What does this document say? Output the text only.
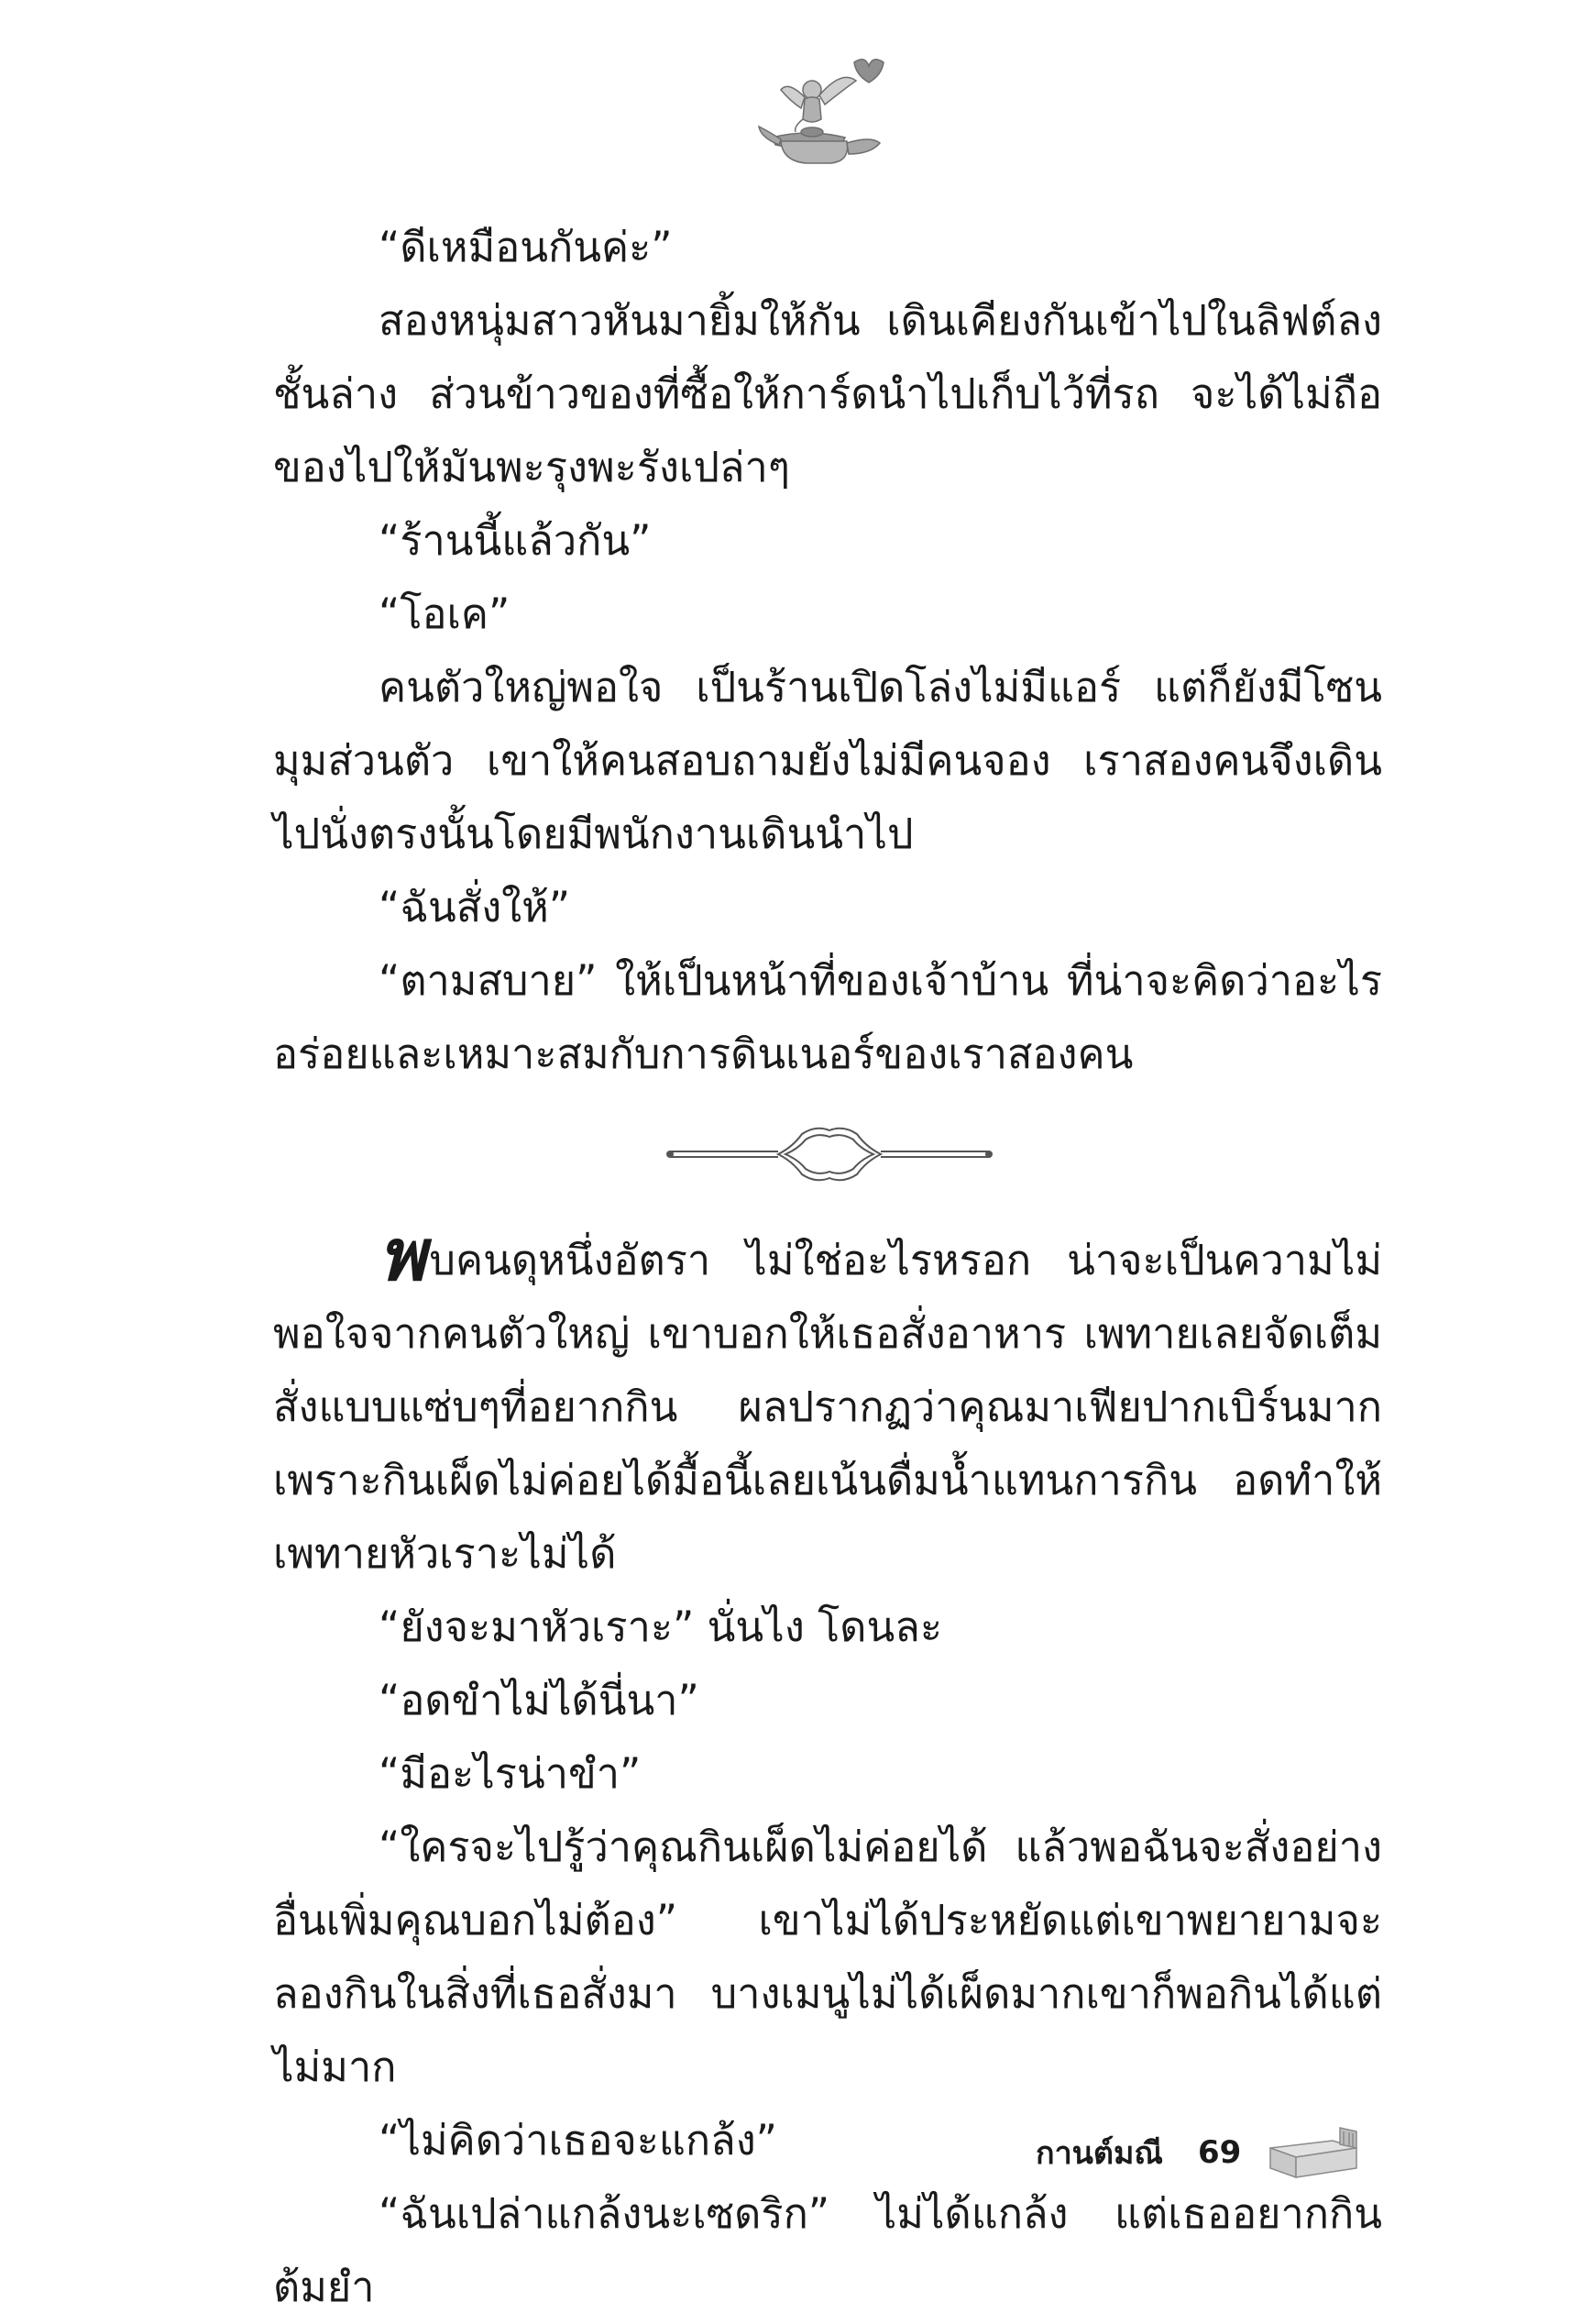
“ดีเหมือนกันค่ะ”

สองหนุ่มสาวหันมายิ้มให้กัน เดินเคียงกันเข้าไปในลิฟต์ลงชั้นล่าง ส่วนข้าวของที่ซื้อให้การ์ดนำไปเก็บไว้ที่รถ จะได้ไม่ถือของไปให้มันพะรุงพะรังเปล่าๆ

“ร้านนี้แล้วกัน”

“โอเค”

คนตัวใหญ่พอใจ เป็นร้านเปิดโล่งไม่มีแอร์ แต่ก็ยังมีโซนมุมส่วนตัว เขาให้คนสอบถามยังไม่มีคนจอง เราสองคนจึงเดินไปนั่งตรงนั้นโดยมีพนักงานเดินนำไป

“ฉันสั่งให้”

“ตามสบาย” ให้เป็นหน้าที่ของเจ้าบ้าน ที่น่าจะคิดว่าอะไรอร่อยและเหมาะสมกับการดินเนอร์ของเราสองคน

พบคนดุหนึ่งอัตรา ไม่ใช่อะไรหรอก น่าจะเป็นความไม่พอใจจากคนตัวใหญ่ เขาบอกให้เธอสั่งอาหาร เพทายเลยจัดเต็มสั่งแบบแซ่บๆที่อยากกิน ผลปรากฏว่าคุณมาเฟียปากเบิร์นมาก เพราะกินเผ็ดไม่ค่อยได้มื้อนี้เลยเน้นดื่มน้ำแทนการกิน อดทำให้เพทายหัวเราะไม่ได้

“ยังจะมาหัวเราะ” นั่นไง โดนละ

“อดขำไม่ได้นี่นา”

“มีอะไรน่าขำ”

“ใครจะไปรู้ว่าคุณกินเผ็ดไม่ค่อยได้ แล้วพอฉันจะสั่งอย่างอื่นเพิ่มคุณบอกไม่ต้อง” เขาไม่ได้ประหยัดแต่เขาพยายามจะลองกินในสิ่งที่เธอสั่งมา บางเมนูไม่ได้เผ็ดมากเขาก็พอกินได้แต่ไม่มาก

“ไม่คิดว่าเธอจะแกล้ง”

“ฉันเปล่าแกล้งนะเซดริก” ไม่ได้แกล้ง แต่เธออยากกินต้มยำ

กานต์มณี 69
